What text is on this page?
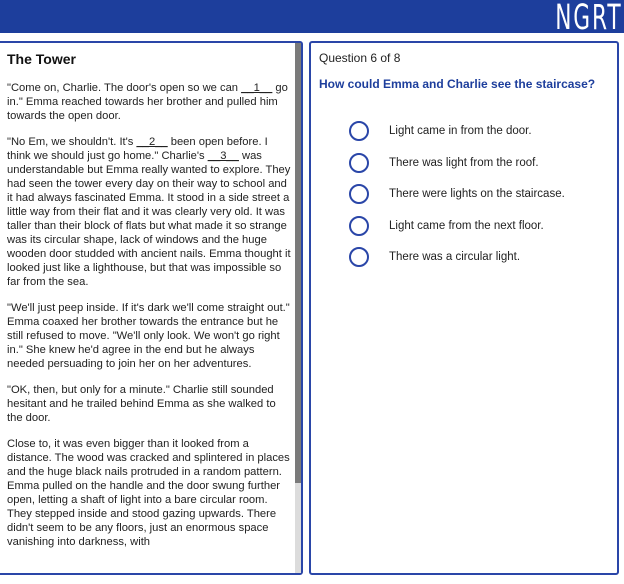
NGRT
The Tower

"Come on, Charlie. The door's open so we can __1__ go in." Emma reached towards her brother and pulled him towards the open door.

"No Em, we shouldn't. It's __2__ been open before. I think we should just go home." Charlie's __3__ was understandable but Emma really wanted to explore. They had seen the tower every day on their way to school and it had always fascinated Emma. It stood in a side street a little way from their flat and it was clearly very old. It was taller than their block of flats but what made it so strange was its circular shape, lack of windows and the huge wooden door studded with ancient nails. Emma thought it looked just like a lighthouse, but that was impossible so far from the sea.

"We'll just peep inside. If it's dark we'll come straight out." Emma coaxed her brother towards the entrance but he still refused to move. "We'll only look. We won't go right in." She knew he'd agree in the end but he always needed persuading to join her on her adventures.

"OK, then, but only for a minute." Charlie still sounded hesitant and he trailed behind Emma as she walked to the door.

Close to, it was even bigger than it looked from a distance. The wood was cracked and splintered in places and the huge black nails protruded in a random pattern. Emma pulled on the handle and the door swung further open, letting a shaft of light into a bare circular room. They stepped inside and stood gazing upwards. There didn't seem to be any floors, just an enormous space vanishing into darkness, with

Question 6 of 8
How could Emma and Charlie see the staircase?
Light came in from the door.
There was light from the roof.
There were lights on the staircase.
Light came from the next floor.
There was a circular light.
